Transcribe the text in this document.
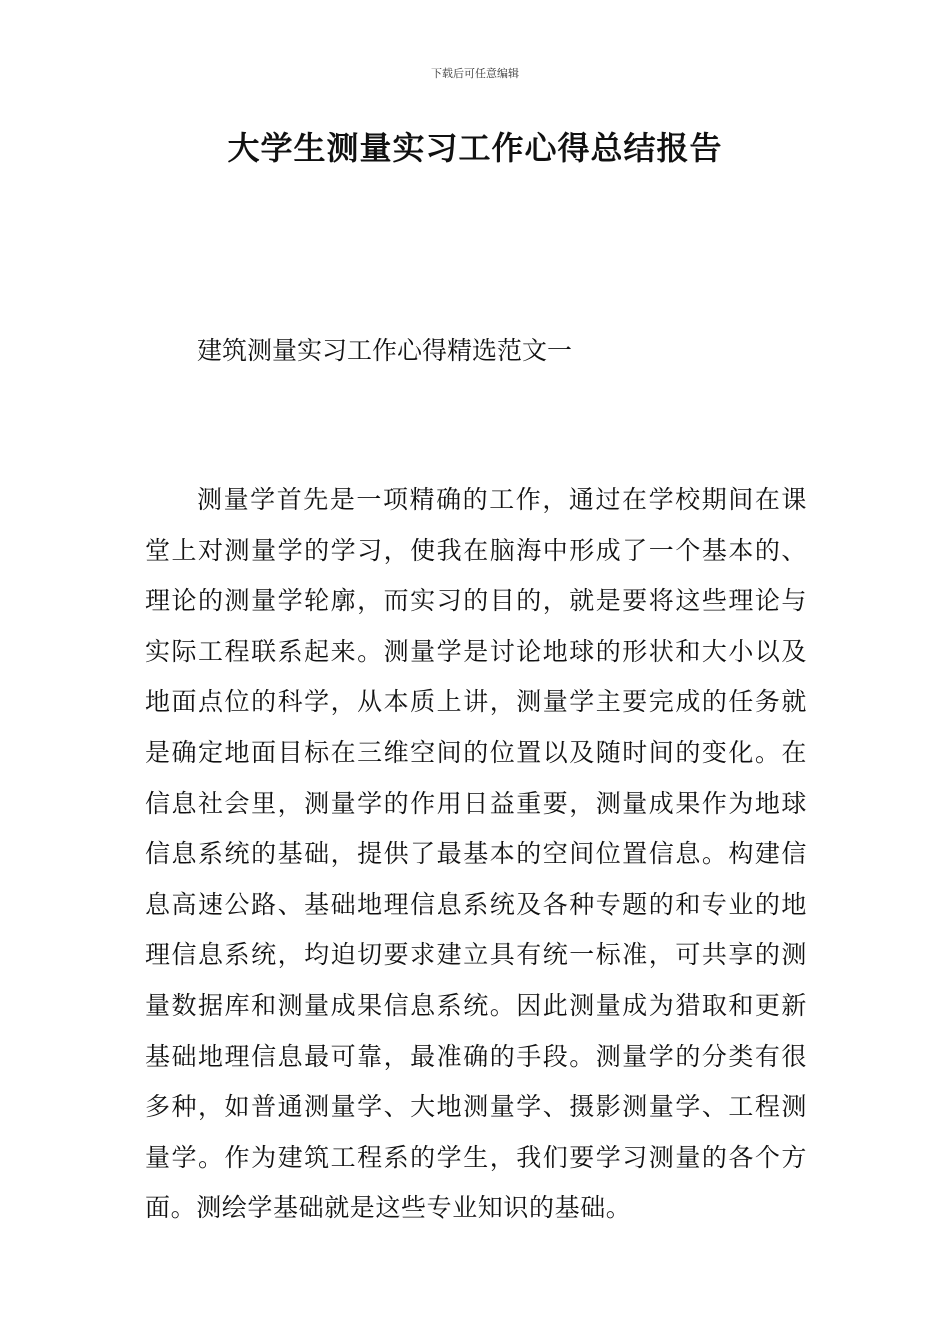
下载后可任意编辑
大学生测量实习工作心得总结报告
建筑测量实习工作心得精选范文一

测量学首先是一项精确的工作，通过在学校期间在课堂上对测量学的学习，使我在脑海中形成了一个基本的、理论的测量学轮廓，而实习的目的，就是要将这些理论与实际工程联系起来。测量学是讨论地球的形状和大小以及地面点位的科学，从本质上讲，测量学主要完成的任务就是确定地面目标在三维空间的位置以及随时间的变化。在信息社会里，测量学的作用日益重要，测量成果作为地球信息系统的基础，提供了最基本的空间位置信息。构建信息高速公路、基础地理信息系统及各种专题的和专业的地理信息系统，均迫切要求建立具有统一标准，可共享的测量数据库和测量成果信息系统。因此测量成为猎取和更新基础地理信息最可靠，最准确的手段。测量学的分类有很多种，如普通测量学、大地测量学、摄影测量学、工程测量学。作为建筑工程系的学生，我们要学习测量的各个方面。测绘学基础就是这些专业知识的基础。
